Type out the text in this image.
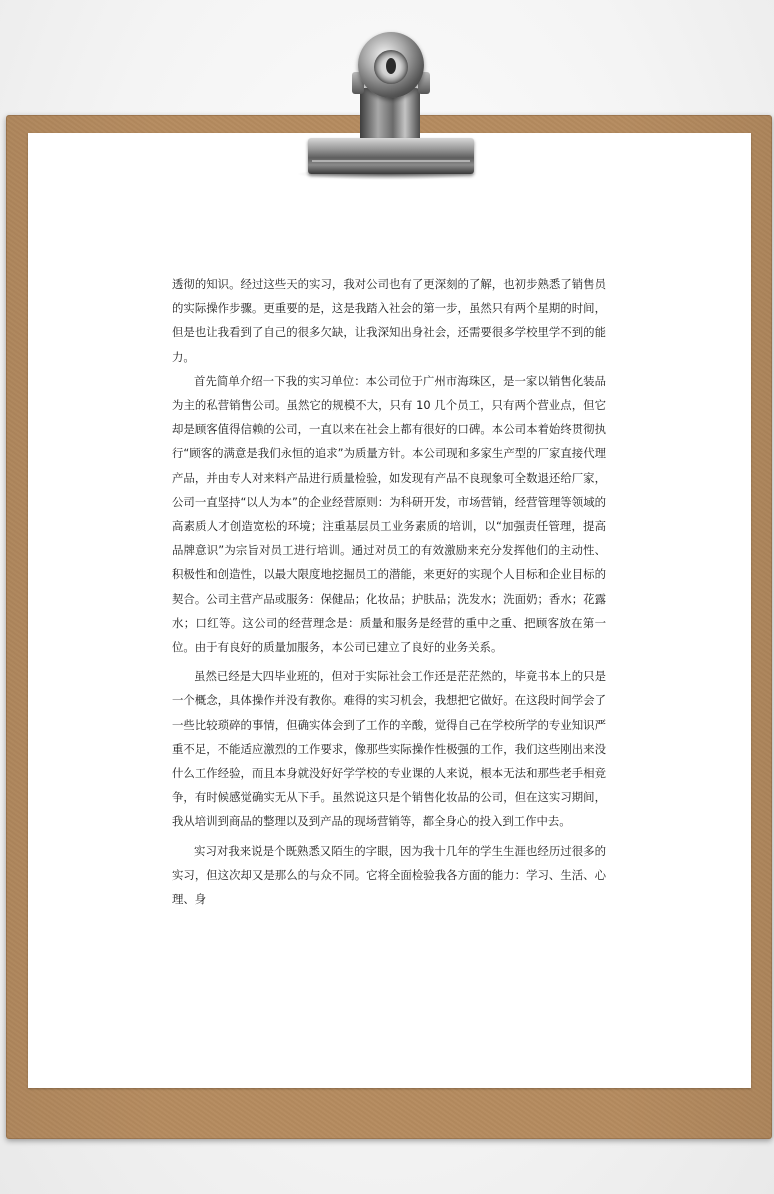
透彻的知识。经过这些天的实习，我对公司也有了更深刻的了解，也初步熟悉了销售员的实际操作步骤。更重要的是，这是我踏入社会的第一步，虽然只有两个星期的时间，但是也让我看到了自己的很多欠缺，让我深知出身社会，还需要很多学校里学不到的能力。

首先简单介绍一下我的实习单位：本公司位于广州市海珠区，是一家以销售化装品为主的私营销售公司。虽然它的规模不大，只有 10 几个员工，只有两个营业点，但它却是顾客值得信赖的公司，一直以来在社会上都有很好的口碑。本公司本着始终贯彻执行“顾客的满意是我们永恒的追求”为质量方针。本公司现和多家生产型的厂家直接代理产品，并由专人对来料产品进行质量检验，如发现有产品不良现象可全数退还给厂家，公司一直坚持“以人为本”的企业经营原则：为科研开发，市场营销，经营管理等领域的高素质人才创造宽松的环境；注重基层员工业务素质的培训，以“加强责任管理，提高品牌意识”为宗旨对员工进行培训。通过对员工的有效激励来充分发挥他们的主动性、积极性和创造性，以最大限度地挖掘员工的潜能，来更好的实现个人目标和企业目标的契合。公司主营产品或服务：保健品；化妆品；护肤品；洗发水；洗面奶；香水；花露水；口红等。这公司的经营理念是：质量和服务是经营的重中之重、把顾客放在第一位。由于有良好的质量加服务，本公司已建立了良好的业务关系。

虽然已经是大四毕业班的，但对于实际社会工作还是茫茫然的，毕竟书本上的只是一个概念，具体操作并没有教你。难得的实习机会，我想把它做好。在这段时间学会了一些比较琐碎的事情，但确实体会到了工作的辛酸，觉得自己在学校所学的专业知识严重不足，不能适应激烈的工作要求，像那些实际操作性极强的工作，我们这些刚出来没什么工作经验，而且本身就没好好学学校的专业课的人来说，根本无法和那些老手相竞争，有时候感觉确实无从下手。虽然说这只是个销售化妆品的公司，但在这实习期间，我从培训到商品的整理以及到产品的现场营销等，都全身心的投入到工作中去。

实习对我来说是个既熟悉又陌生的字眼，因为我十几年的学生生涯也经历过很多的实习，但这次却又是那么的与众不同。它将全面检验我各方面的能力：学习、生活、心理、身
